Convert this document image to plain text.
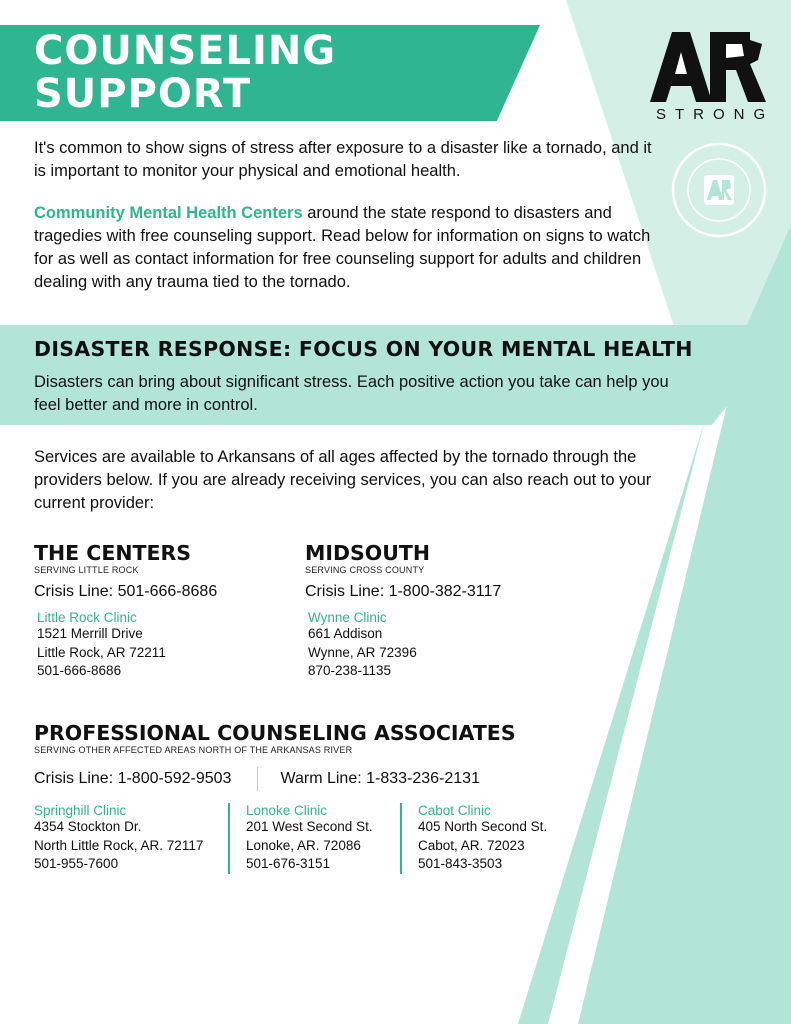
COUNSELING
SUPPORT	STRONG

It's common to show signs of stress after exposure to a disaster like a tornado, and it is important to monitor your physical and emotional health.

Community Mental Health Centers around the state respond to disasters and tragedies with free counseling support. Read below for information on signs to watch for as well as contact information for free counseling support for adults and children dealing with any trauma tied to the tornado.

DISASTER RESPONSE: FOCUS ON YOUR MENTAL HEALTH

Disasters can bring about significant stress. Each positive action you take can help you feel better and more in control.

Services are available to Arkansans of all ages affected by the tornado through the providers below. If you are already receiving services, you can also reach out to your current provider:

THE CENTERS
SERVING LITTLE ROCK
Crisis Line: 501-666-8686
Little Rock Clinic
1521 Merrill Drive
Little Rock, AR 72211
501-666-8686
MIDSOUTH
SERVING CROSS COUNTY
Crisis Line: 1-800-382-3117
Wynne Clinic
661 Addison
Wynne, AR 72396
870-238-1135
PROFESSIONAL COUNSELING ASSOCIATES
SERVING OTHER AFFECTED AREAS NORTH OF THE ARKANSAS RIVER
Crisis Line: 1-800-592-9503	Warm Line: 1-833-236-2131
Springhill Clinic
4354 Stockton Dr.
North Little Rock, AR. 72117
501-955-7600
Lonoke Clinic
201 West Second St.
Lonoke, AR. 72086
501-676-3151
Cabot Clinic
405 North Second St.
Cabot, AR. 72023
501-843-3503
